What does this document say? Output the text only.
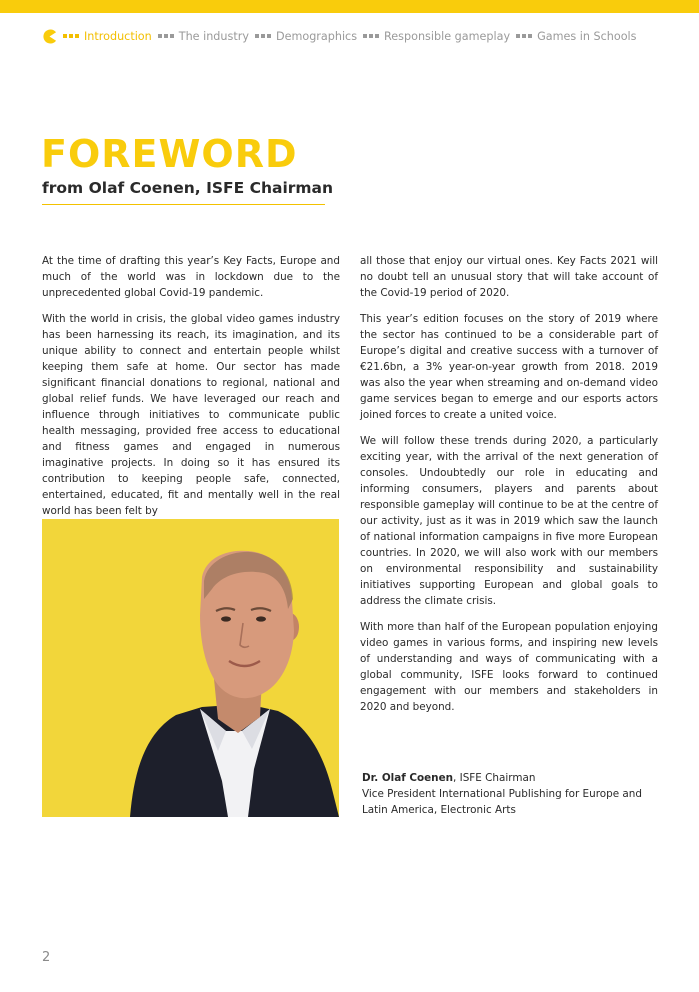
Introduction The industry Demographics Responsible gameplay Games in Schools
FOREWORD
from Olaf Coenen, ISFE Chairman

At the time of drafting this year’s Key Facts, Europe and much of the world was in lockdown due to the unprecedented global Covid-19 pandemic.

With the world in crisis, the global video games industry has been harnessing its reach, its imagination, and its unique ability to connect and entertain people whilst keeping them safe at home. Our sector has made significant financial donations to regional, national and global relief funds. We have leveraged our reach and influence through initiatives to communicate public health messaging, provided free access to educational and fitness games and engaged in numerous imaginative projects. In doing so it has ensured its contribution to keeping people safe, connected, entertained, educated, fit and mentally well in the real world has been felt by

all those that enjoy our virtual ones. Key Facts 2021 will no doubt tell an unusual story that will take account of the Covid-19 period of 2020.

This year’s edition focuses on the story of 2019 where the sector has continued to be a considerable part of Europe’s digital and creative success with a turnover of €21.6bn, a 3% year-on-year growth from 2018. 2019 was also the year when streaming and on-demand video game services began to emerge and our esports actors joined forces to create a united voice.

We will follow these trends during 2020, a particularly exciting year, with the arrival of the next generation of consoles. Undoubtedly our role in educating and informing consumers, players and parents about responsible gameplay will continue to be at the centre of our activity, just as it was in 2019 which saw the launch of national information campaigns in five more European countries. In 2020, we will also work with our members on environmental responsibility and sustainability initiatives supporting European and global goals to address the climate crisis.

With more than half of the European population enjoying video games in various forms, and inspiring new levels of understanding and ways of communicating with a global community, ISFE looks forward to continued engagement with our members and stakeholders in 2020 and beyond.

Dr. Olaf Coenen
Dr. Olaf Coenen, ISFE Chairman
Vice President International Publishing for Europe and
Latin America, Electronic Arts
2
